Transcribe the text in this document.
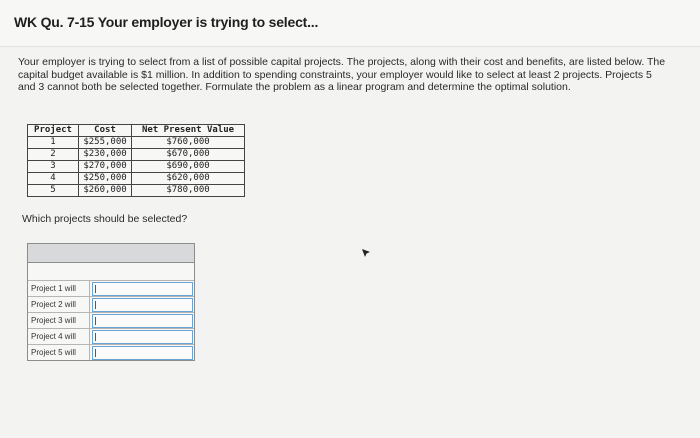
WK Qu. 7-15 Your employer is trying to select...
Your employer is trying to select from a list of possible capital projects. The projects, along with their cost and benefits, are listed below. The capital budget available is $1 million. In addition to spending constraints, your employer would like to select at least 2 projects. Projects 5 and 3 cannot both be selected together. Formulate the problem as a linear program and determine the optimal solution.
Project	Cost	Net Present Value
1	$255,000	$760,000
2	$230,000	$670,000
3	$270,000	$690,000
4	$250,000	$620,000
5	$260,000	$780,000
Which projects should be selected?
Project 1 will
Project 2 will
Project 3 will
Project 4 will
Project 5 will
